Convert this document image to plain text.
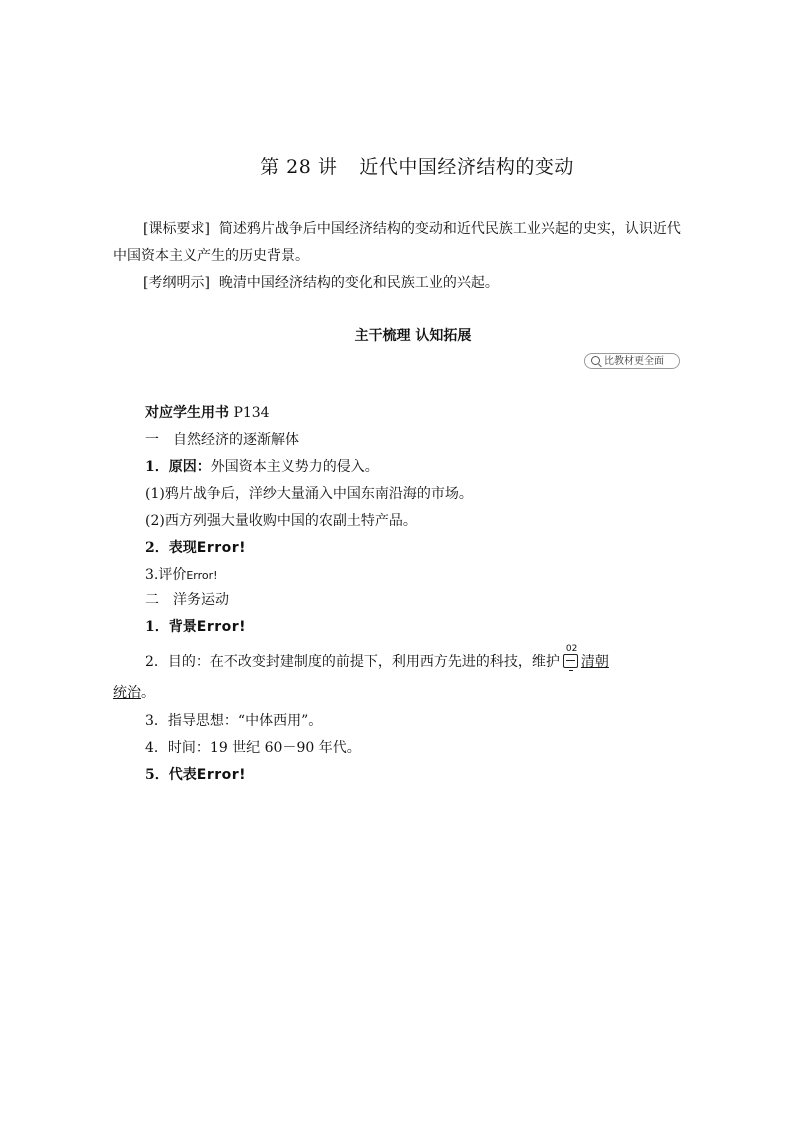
第 28 讲 近代中国经济结构的变动
[课标要求] 简述鸦片战争后中国经济结构的变动和近代民族工业兴起的史实，认识近代中国资本主义产生的历史背景。
[考纲明示] 晚清中国经济结构的变化和民族工业的兴起。
主干梳理 认知拓展
比教材更全面
对应学生用书 P134
一　自然经济的逐渐解体
1．原因：外国资本主义势力的侵入。
(1)鸦片战争后，洋纱大量涌入中国东南沿海的市场。
(2)西方列强大量收购中国的农副土特产品。
2．表现Error!
3.评价Error!
二　洋务运动
1．背景Error!
2．目的：在不改变封建制度的前提下，利用西方先进的科技，维护
02
清朝
统治。
3．指导思想：“中体西用”。
4．时间：19 世纪 60－90 年代。
5．代表Error!
